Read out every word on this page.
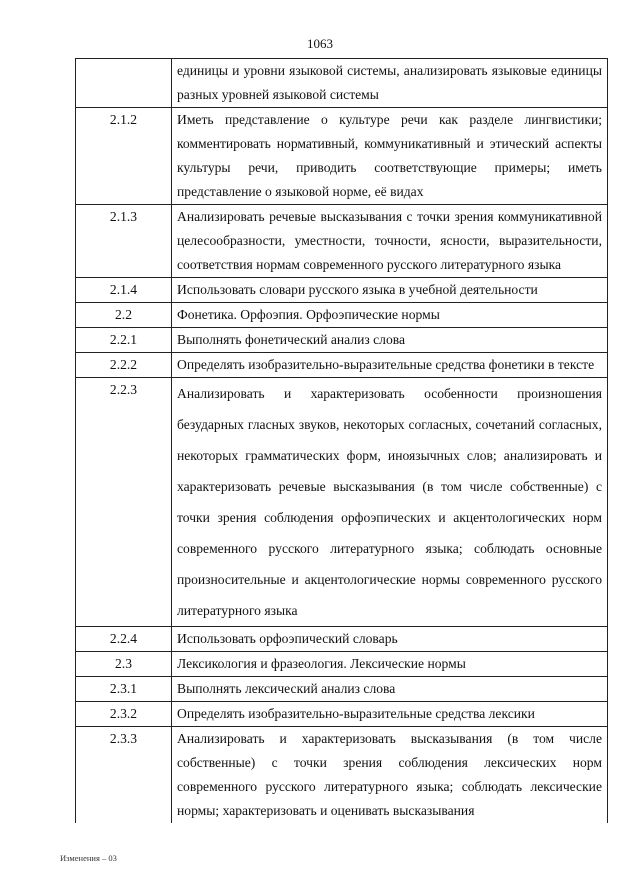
1063
	единицы и уровни языковой системы, анализировать языковые единицы разных уровней языковой системы
2.1.2	Иметь представление о культуре речи как разделе лингвистики; комментировать нормативный, коммуникативный и этический аспекты культуры речи, приводить соответствующие примеры; иметь представление о языковой норме, её видах
2.1.3	Анализировать речевые высказывания с точки зрения коммуникативной целесообразности, уместности, точности, ясности, выразительности, соответствия нормам современного русского литературного языка
2.1.4	Использовать словари русского языка в учебной деятельности
2.2	Фонетика. Орфоэпия. Орфоэпические нормы
2.2.1	Выполнять фонетический анализ слова
2.2.2	Определять изобразительно-выразительные средства фонетики в тексте
2.2.3	Анализировать и характеризовать особенности произношения безударных гласных звуков, некоторых согласных, сочетаний согласных, некоторых грамматических форм, иноязычных слов; анализировать и характеризовать речевые высказывания (в том числе собственные) с точки зрения соблюдения орфоэпических и акцентологических норм современного русского литературного языка; соблюдать основные произносительные и акцентологические нормы современного русского литературного языка
2.2.4	Использовать орфоэпический словарь
2.3	Лексикология и фразеология. Лексические нормы
2.3.1	Выполнять лексический анализ слова
2.3.2	Определять изобразительно-выразительные средства лексики
2.3.3	Анализировать и характеризовать высказывания (в том числе собственные) с точки зрения соблюдения лексических норм современного русского литературного языка; соблюдать лексические нормы; характеризовать и оценивать высказывания
Изменения – 03
